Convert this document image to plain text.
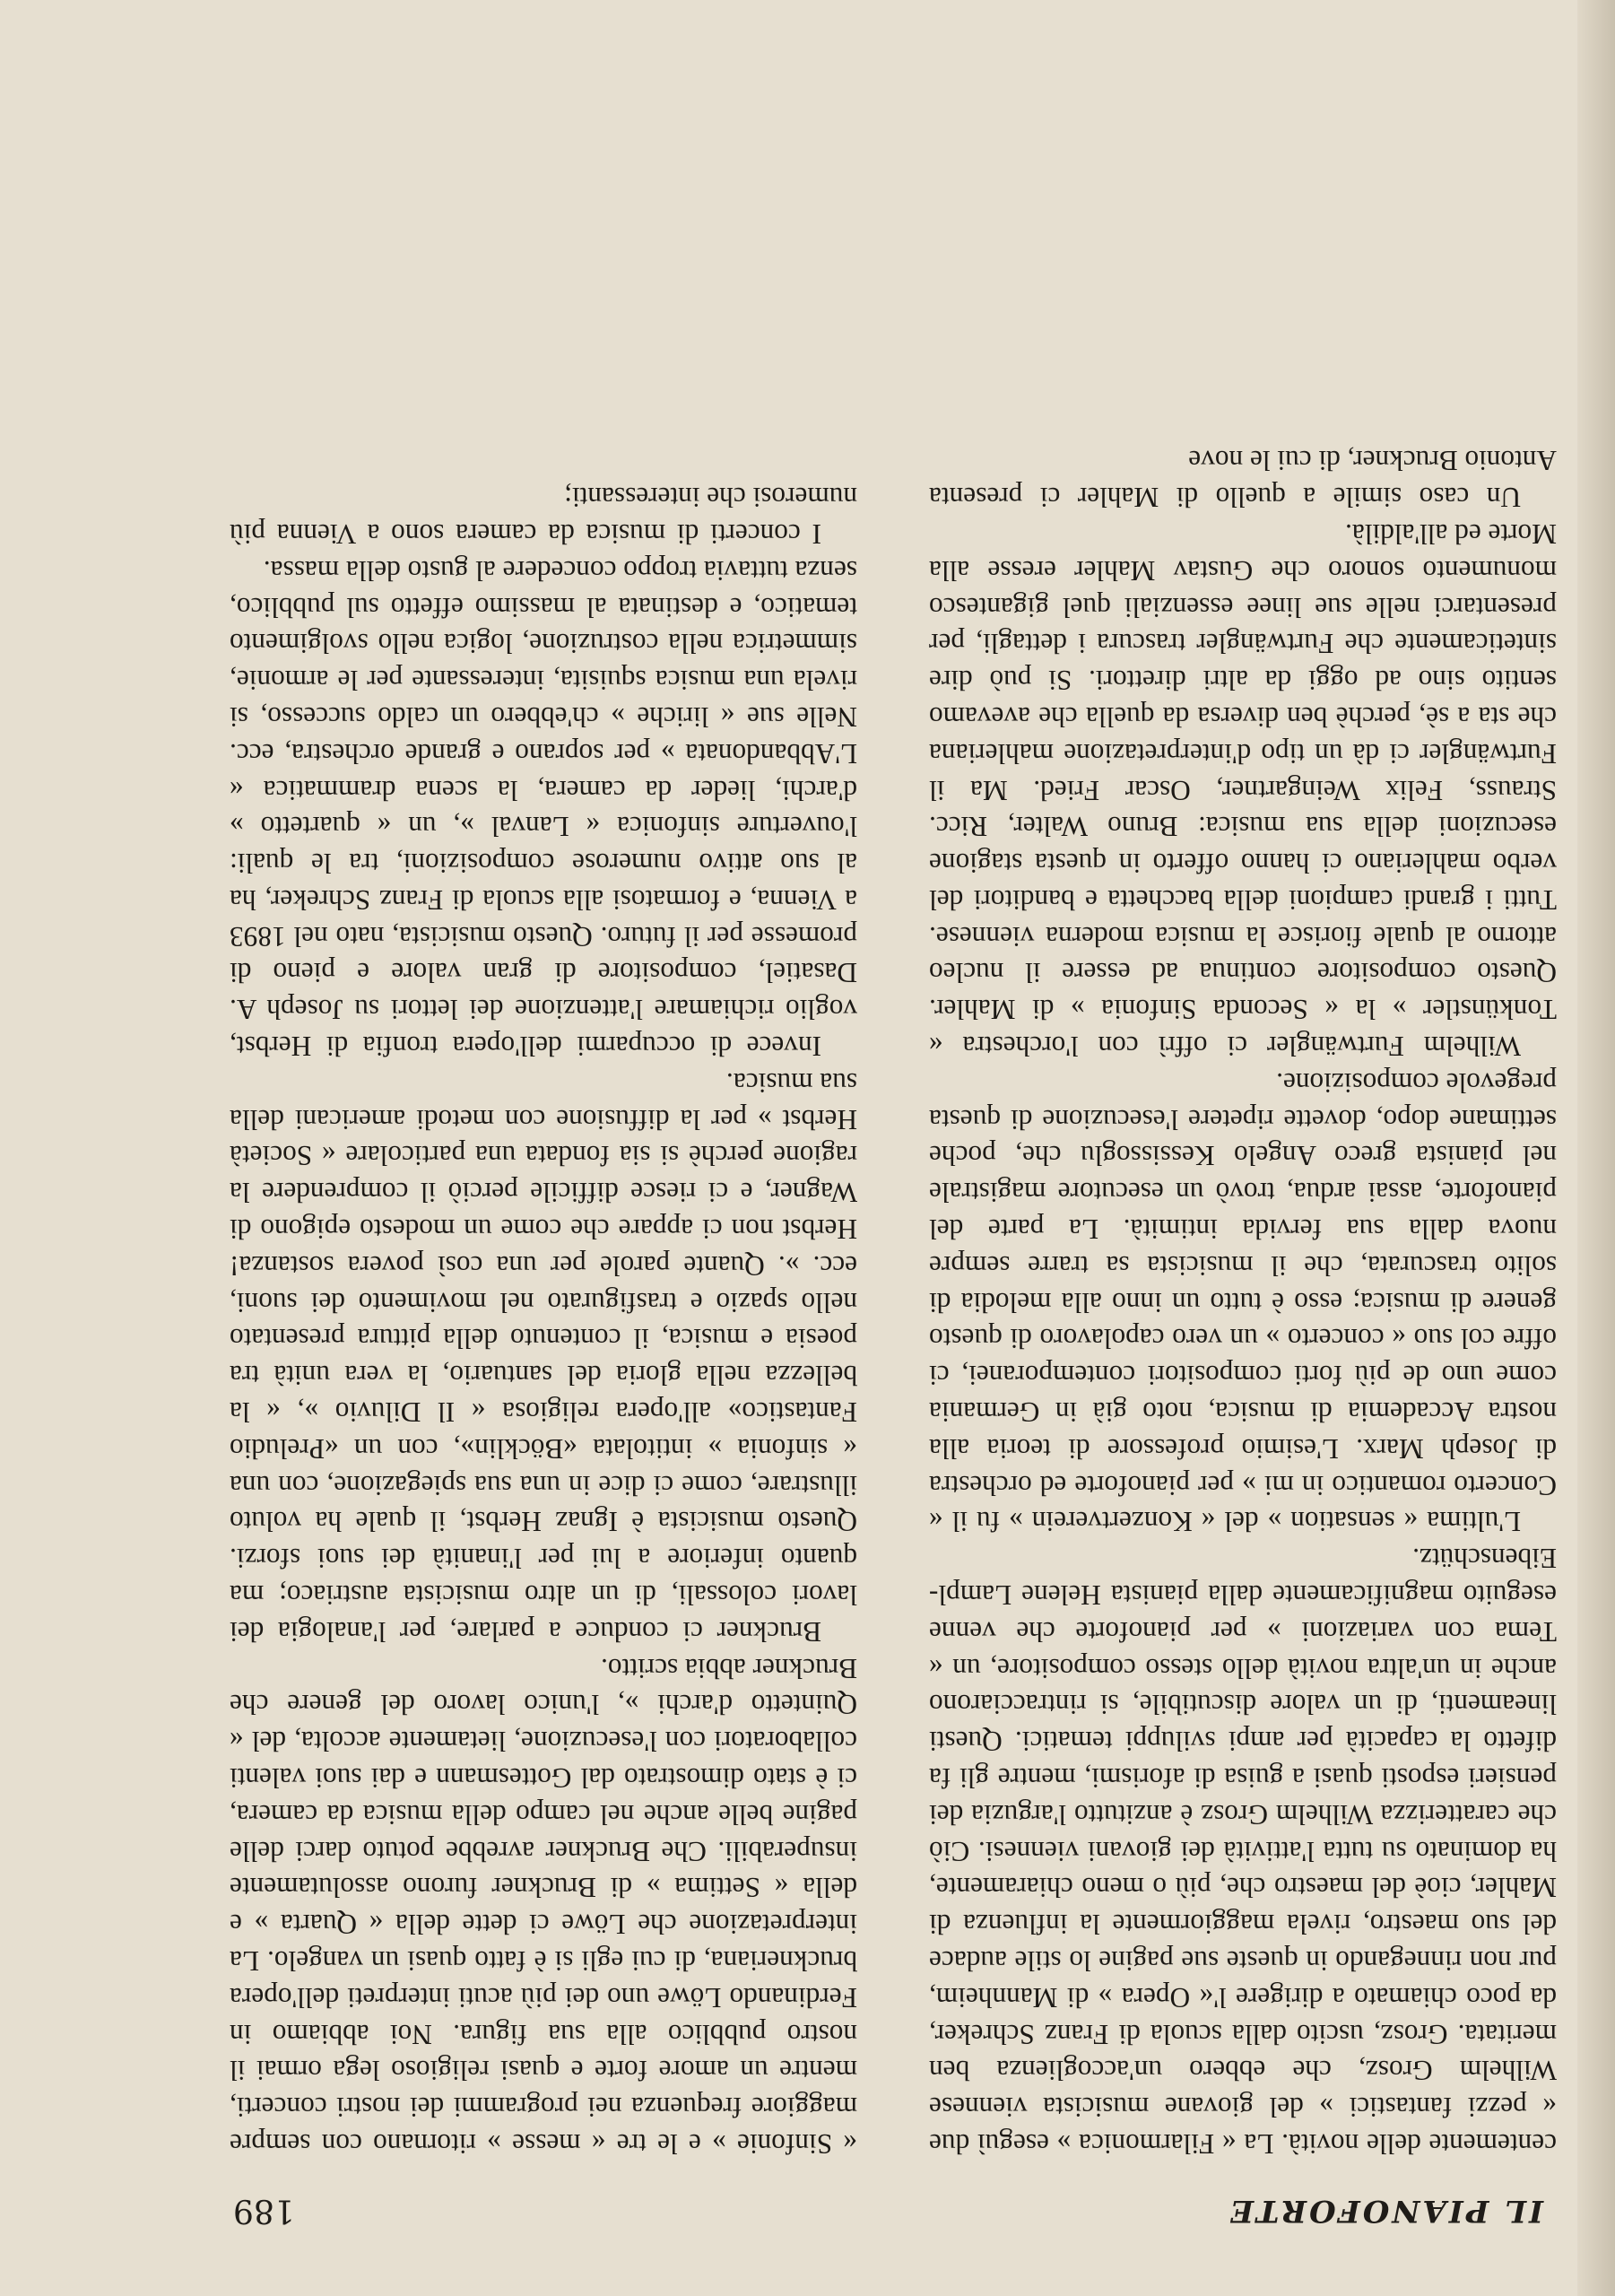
IL PIANOFORTE
189

centemente delle novità. La « Filarmonica » eseguì due « pezzi fantastici » del giovane musicista viennese Wilhelm Grosz, che ebbero un'accoglienza ben meritata. Grosz, uscito dalla scuola di Franz Schreker, da poco chiamato a dirigere l'« Opera » di Mannheim, pur non rinnegando in queste sue pagine lo stile audace del suo maestro, rivela maggiormente la influenza di Mahler, cioè del maestro che, più o meno chiaramente, ha dominato su tutta l'attività dei giovani viennesi. Ciò che caratterizza Wilhelm Grosz è anzitutto l'arguzia dei pensieri esposti quasi a guisa di aforismi, mentre gli fa difetto la capacità per ampi sviluppi tematici. Questi lineamenti, di un valore discutibile, si rintracciarono anche in un'altra novità dello stesso compositore, un « Tema con variazioni » per pianoforte che venne eseguito magnificamente dalla pianista Helene Lampl-Eibenschütz.

L'ultima « sensation » del « Konzertverein » fu il « Concerto romantico in mi » per pianoforte ed orchestra di Joseph Marx. L'esimio professore di teoria alla nostra Accademia di musica, noto già in Germania come uno de più forti compositori contemporanei, ci offre col suo « concerto » un vero capolavoro di questo genere di musica; esso è tutto un inno alla melodia di solito trascurata, che il musicista sa trarre sempre nuova dalla sua fervida intimità. La parte del pianoforte, assai ardua, trovò un esecutore magistrale nel pianista greco Angelo Kessissoglu che, poche settimane dopo, dovette ripetere l'esecuzione di questa pregevole composizione.

Wilhelm Furtwängler ci offrì con l'orchestra « Tonkünstler » la « Seconda Sinfonia » di Mahler. Questo compositore continua ad essere il nucleo attorno al quale fiorisce la musica moderna viennese. Tutti i grandi campioni della bacchetta e banditori del verbo mahleriano ci hanno offerto in questa stagione esecuzioni della sua musica: Bruno Walter, Ricc. Strauss, Felix Weingartner, Oscar Fried. Ma il Furtwängler ci dà un tipo d'interpretazione mahleriana che sta a sè, perchè ben diversa da quella che avevamo sentito sino ad oggi da altri direttori. Si può dire sinteticamente che Furtwängler trascura i dettagli, per presentarci nelle sue linee essenziali quel gigantesco monumento sonoro che Gustav Mahler eresse alla Morte ed all'aldilà.

Un caso simile a quello di Mahler ci presenta Antonio Bruckner, di cui le nove

« Sinfonie » e le tre « messe » ritornano con sempre maggiore frequenza nei programmi dei nostri concerti, mentre un amore forte e quasi religioso lega ormai il nostro pubblico alla sua figura. Noi abbiamo in Ferdinando Löwe uno dei più acuti interpreti dell'opera bruckneriana, di cui egli si è fatto quasi un vangelo. La interpretazione che Löwe ci dette della « Quarta » e della « Settima » di Bruckner furono assolutamente insuperabili. Che Bruckner avrebbe potuto darci delle pagine belle anche nel campo della musica da camera, ci è stato dimostrato dal Gottesmann e dai suoi valenti collaboratori con l'esecuzione, lietamente accolta, del « Quintetto d'archi », l'unico lavoro del genere che Bruckner abbia scritto.

Bruckner ci conduce a parlare, per l'analogia dei lavori colossali, di un altro musicista austriaco; ma quanto inferiore a lui per l'inanità dei suoi sforzi. Questo musicista è Ignaz Herbst, il quale ha voluto illustrare, come ci dice in una sua spiegazione, con una « sinfonia » intitolata «Böcklin», con un «Preludio Fantastico» all'opera religiosa « Il Diluvio », « la bellezza nella gloria del santuario, la vera unità tra poesia e musica, il contenuto della pittura presentato nello spazio e trasfigurato nel movimento dei suoni, ecc. ». Quante parole per una così povera sostanza! Herbst non ci appare che come un modesto epigono di Wagner, e ci riesce difficile perciò il comprendere la ragione perchè si sia fondata una particolare « Società Herbst » per la diffusione con metodi americani della sua musica.

Invece di occuparmi dell'opera tronfia di Herbst, voglio richiamare l'attenzione dei lettori su Joseph A. Dasatiel, compositore di gran valore e pieno di promesse per il futuro. Questo musicista, nato nel 1893 a Vienna, e formatosi alla scuola di Franz Schreker, ha al suo attivo numerose composizioni, tra le quali: l'ouverture sinfonica « Lanval », un « quartetto » d'archi, lieder da camera, la scena drammatica « L'Abbandonata » per soprano e grande orchestra, ecc. Nelle sue « liriche » ch'ebbero un caldo successo, si rivela una musica squisita, interessante per le armonie, simmetrica nella costruzione, logica nello svolgimento tematico, e destinata al massimo effetto sul pubblico, senza tuttavia troppo concedere al gusto della massa.

I concerti di musica da camera sono a Vienna più numerosi che interessanti;
